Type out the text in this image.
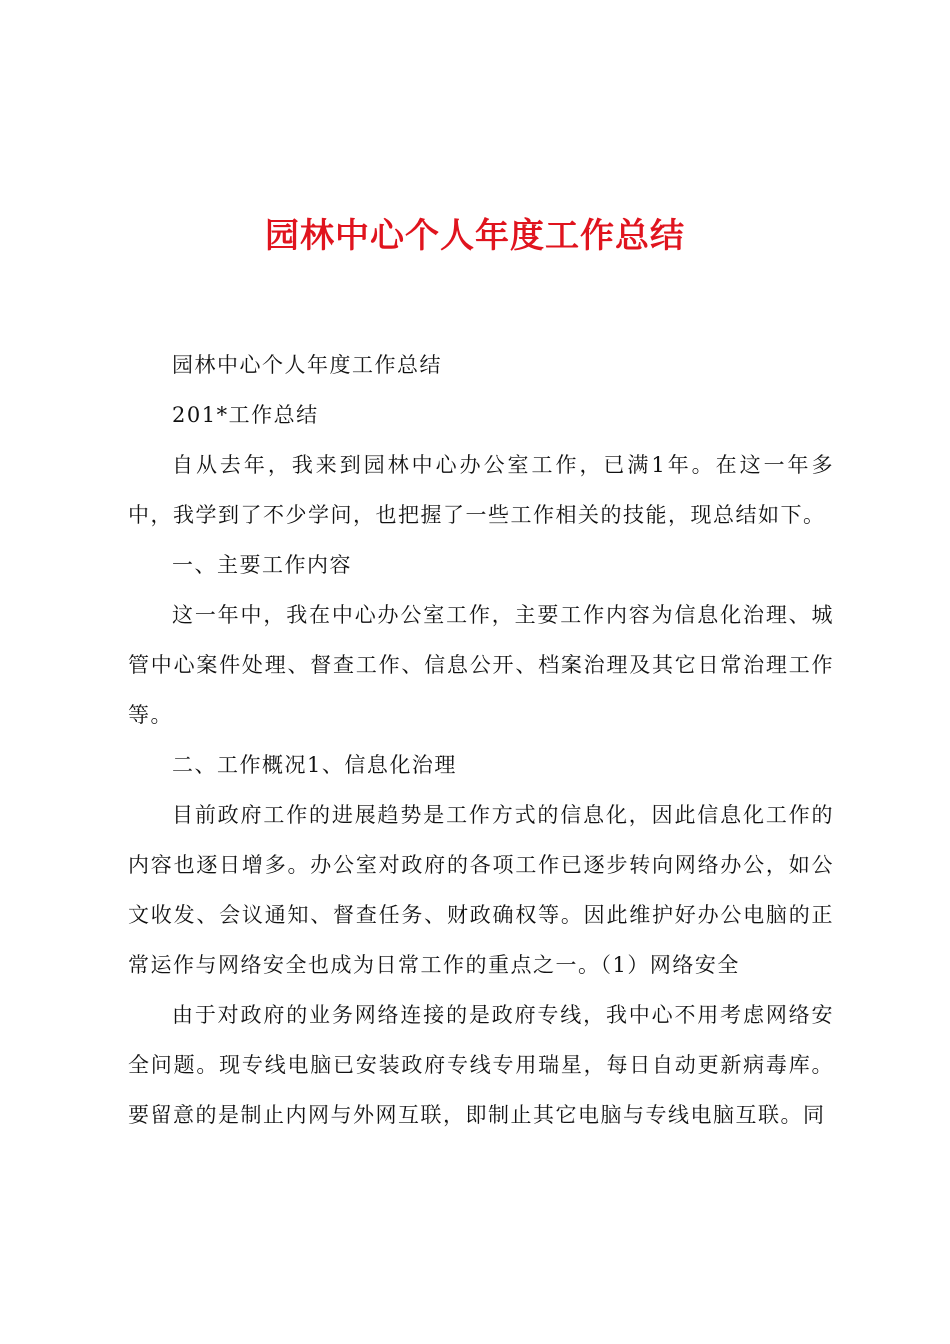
园林中心个人年度工作总结

园林中心个人年度工作总结

201*工作总结

自从去年，我来到园林中心办公室工作，已满1年。在这一年多中，我学到了不少学问，也把握了一些工作相关的技能，现总结如下。

一、主要工作内容

这一年中，我在中心办公室工作，主要工作内容为信息化治理、城管中心案件处理、督查工作、信息公开、档案治理及其它日常治理工作等。

二、工作概况1、信息化治理

目前政府工作的进展趋势是工作方式的信息化，因此信息化工作的内容也逐日增多。办公室对政府的各项工作已逐步转向网络办公，如公文收发、会议通知、督查任务、财政确权等。因此维护好办公电脑的正常运作与网络安全也成为日常工作的重点之一。（1）网络安全

由于对政府的业务网络连接的是政府专线，我中心不用考虑网络安全问题。现专线电脑已安装政府专线专用瑞星，每日自动更新病毒库。要留意的是制止内网与外网互联，即制止其它电脑与专线电脑互联。同
